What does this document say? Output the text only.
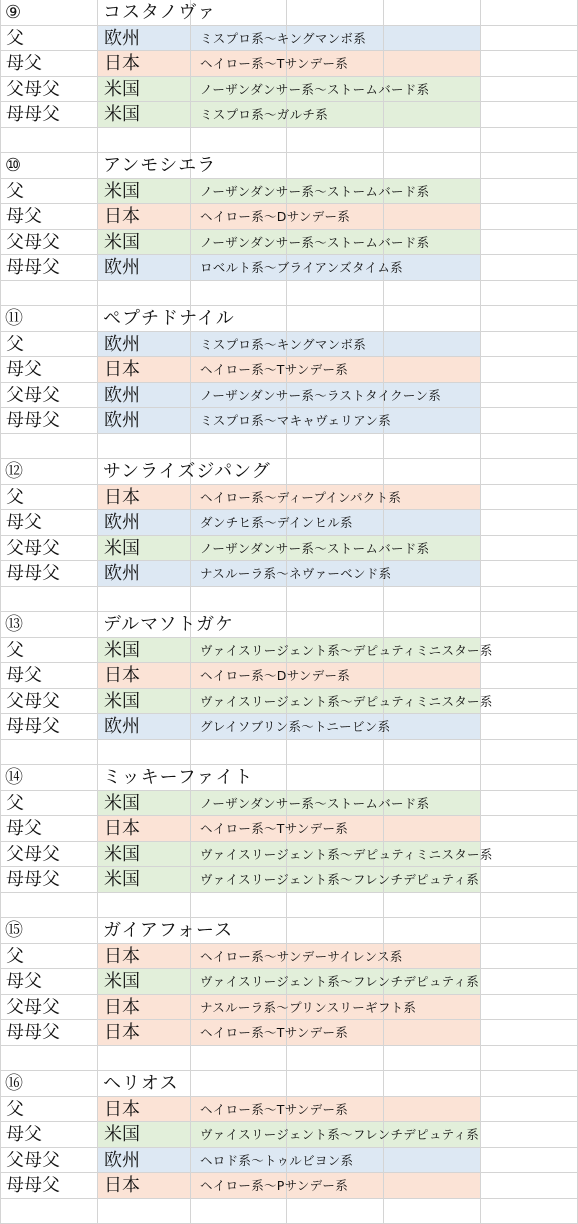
⑨	コスタノヴァ
父	欧州	ミスプロ系～キングマンボ系
母父	日本	ヘイロー系～Tサンデー系
父母父 米国	ノーザンダンサー系～ストームバード系
母母父 米国	ミスプロ系～ガルチ系
⑩	アンモシエラ
父	米国	ノーザンダンサー系～ストームバード系
母父	日本	ヘイロー系～Dサンデー系
父母父 米国	ノーザンダンサー系～ストームバード系
母母父 欧州	ロベルト系～ブライアンズタイム系
⑪	ペプチドナイル
父	欧州	ミスプロ系～キングマンボ系
母父	日本	ヘイロー系～Tサンデー系
父母父 欧州	ノーザンダンサー系～ラストタイクーン系
母母父 欧州	ミスプロ系～マキャヴェリアン系
⑫	サンライズジパング
父	日本	ヘイロー系～ディープインパクト系
母父	欧州	ダンチヒ系～デインヒル系
父母父 米国	ノーザンダンサー系～ストームバード系
母母父 欧州	ナスルーラ系～ネヴァーベンド系
⑬	デルマソトガケ
父	米国	ヴァイスリージェント系～デピュティミニスター系
母父	日本	ヘイロー系～Dサンデー系
父母父 米国	ヴァイスリージェント系～デピュティミニスター系
母母父 欧州	グレイソブリン系～トニービン系
⑭	ミッキーファイト
父	米国	ノーザンダンサー系～ストームバード系
母父	日本	ヘイロー系～Tサンデー系
父母父 米国	ヴァイスリージェント系～デピュティミニスター系
母母父 米国	ヴァイスリージェント系～フレンチデピュティ系
⑮	ガイアフォース
父	日本	ヘイロー系～サンデーサイレンス系
母父	米国	ヴァイスリージェント系～フレンチデピュティ系
父母父 日本	ナスルーラ系～プリンスリーギフト系
母母父 日本	ヘイロー系～Tサンデー系
⑯	ヘリオス
父	日本	ヘイロー系～Tサンデー系
母父	米国	ヴァイスリージェント系～フレンチデピュティ系
父母父 欧州	ヘロド系～トゥルビヨン系
母母父 日本	ヘイロー系～Pサンデー系
